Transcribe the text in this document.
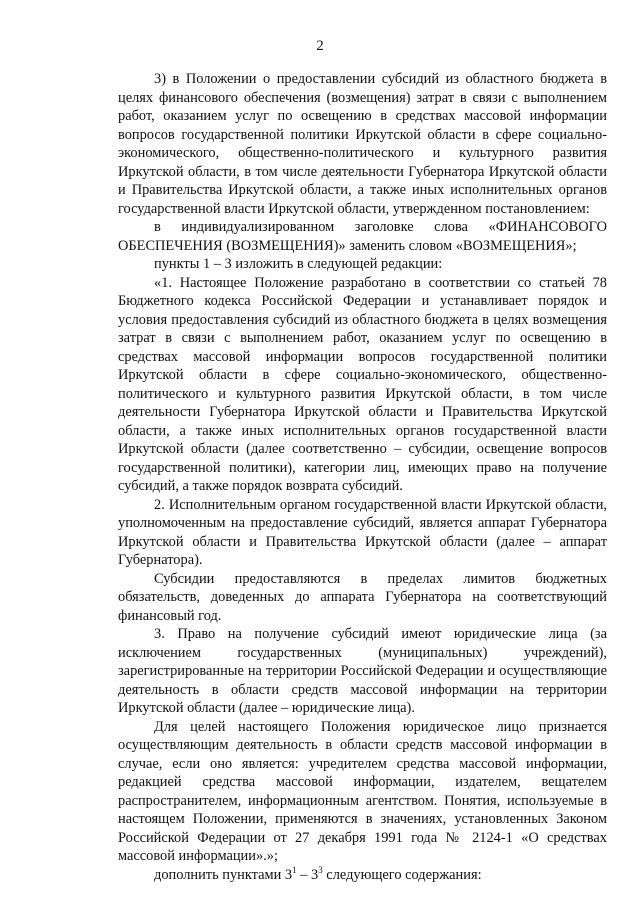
2

3) в Положении о предоставлении субсидий из областного бюджета в целях финансового обеспечения (возмещения) затрат в связи с выполнением работ, оказанием услуг по освещению в средствах массовой информации вопросов государственной политики Иркутской области в сфере социально-экономического, общественно-политического и культурного развития Иркутской области, в том числе деятельности Губернатора Иркутской области и Правительства Иркутской области, а также иных исполнительных органов государственной власти Иркутской области, утвержденном постановлением:

в индивидуализированном заголовке слова «ФИНАНСОВОГО ОБЕСПЕЧЕНИЯ (ВОЗМЕЩЕНИЯ)» заменить словом «ВОЗМЕЩЕНИЯ»;

пункты 1 – 3 изложить в следующей редакции:

«1. Настоящее Положение разработано в соответствии со статьей 78 Бюджетного кодекса Российской Федерации и устанавливает порядок и условия предоставления субсидий из областного бюджета в целях возмещения затрат в связи с выполнением работ, оказанием услуг по освещению в средствах массовой информации вопросов государственной политики Иркутской области в сфере социально-экономического, общественно-политического и культурного развития Иркутской области, в том числе деятельности Губернатора Иркутской области и Правительства Иркутской области, а также иных исполнительных органов государственной власти Иркутской области (далее соответственно – субсидии, освещение вопросов государственной политики), категории лиц, имеющих право на получение субсидий, а также порядок возврата субсидий.

2. Исполнительным органом государственной власти Иркутской области, уполномоченным на предоставление субсидий, является аппарат Губернатора Иркутской области и Правительства Иркутской области (далее – аппарат Губернатора).

Субсидии предоставляются в пределах лимитов бюджетных обязательств, доведенных до аппарата Губернатора на соответствующий финансовый год.

3. Право на получение субсидий имеют юридические лица (за исключением государственных (муниципальных) учреждений), зарегистрированные на территории Российской Федерации и осуществляющие деятельность в области средств массовой информации на территории Иркутской области (далее – юридические лица).

Для целей настоящего Положения юридическое лицо признается осуществляющим деятельность в области средств массовой информации в случае, если оно является: учредителем средства массовой информации, редакцией средства массовой информации, издателем, вещателем распространителем, информационным агентством. Понятия, используемые в настоящем Положении, применяются в значениях, установленных Законом Российской Федерации от 27 декабря 1991 года № 2124-1 «О средствах массовой информации».»;

дополнить пунктами $3^1 - 3^3$ следующего содержания:
